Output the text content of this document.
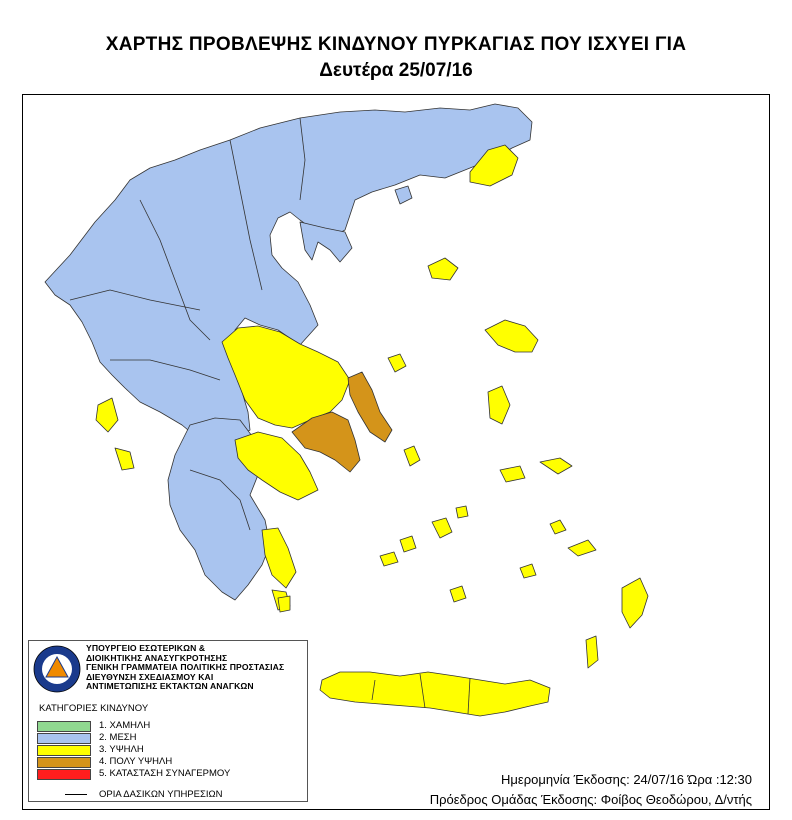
ΧΑΡΤΗΣ ΠΡΟΒΛΕΨΗΣ ΚΙΝΔΥΝΟΥ ΠΥΡΚΑΓΙΑΣ ΠΟΥ ΙΣΧΥΕΙ ΓΙΑ
Δευτέρα 25/07/16
ΥΠΟΥΡΓΕΙΟ ΕΣΩΤΕΡΙΚΩΝ &
ΔΙΟΙΚΗΤΙΚΗΣ ΑΝΑΣΥΓΚΡΟΤΗΣΗΣ
ΓΕΝΙΚΗ ΓΡΑΜΜΑΤΕΙΑ ΠΟΛΙΤΙΚΗΣ ΠΡΟΣΤΑΣΙΑΣ
ΔΙΕΥΘΥΝΣΗ ΣΧΕΔΙΑΣΜΟΥ ΚΑΙ
ΑΝΤΙΜΕΤΩΠΙΣΗΣ ΕΚΤΑΚΤΩΝ ΑΝΑΓΚΩΝ
ΚΑΤΗΓΟΡΙΕΣ ΚΙΝΔΥΝΟΥ
1. ΧΑΜΗΛΗ
2. ΜΕΣΗ
3. ΥΨΗΛΗ
4. ΠΟΛΥ ΥΨΗΛΗ
5. ΚΑΤΑΣΤΑΣΗ ΣΥΝΑΓΕΡΜΟΥ
ΟΡΙΑ ΔΑΣΙΚΩΝ ΥΠΗΡΕΣΙΩΝ
Ημερομηνία Έκδοσης: 24/07/16 Ώρα :12:30
Πρόεδρος Ομάδας Έκδοσης: Φοίβος Θεοδώρου, Δ/ντής
